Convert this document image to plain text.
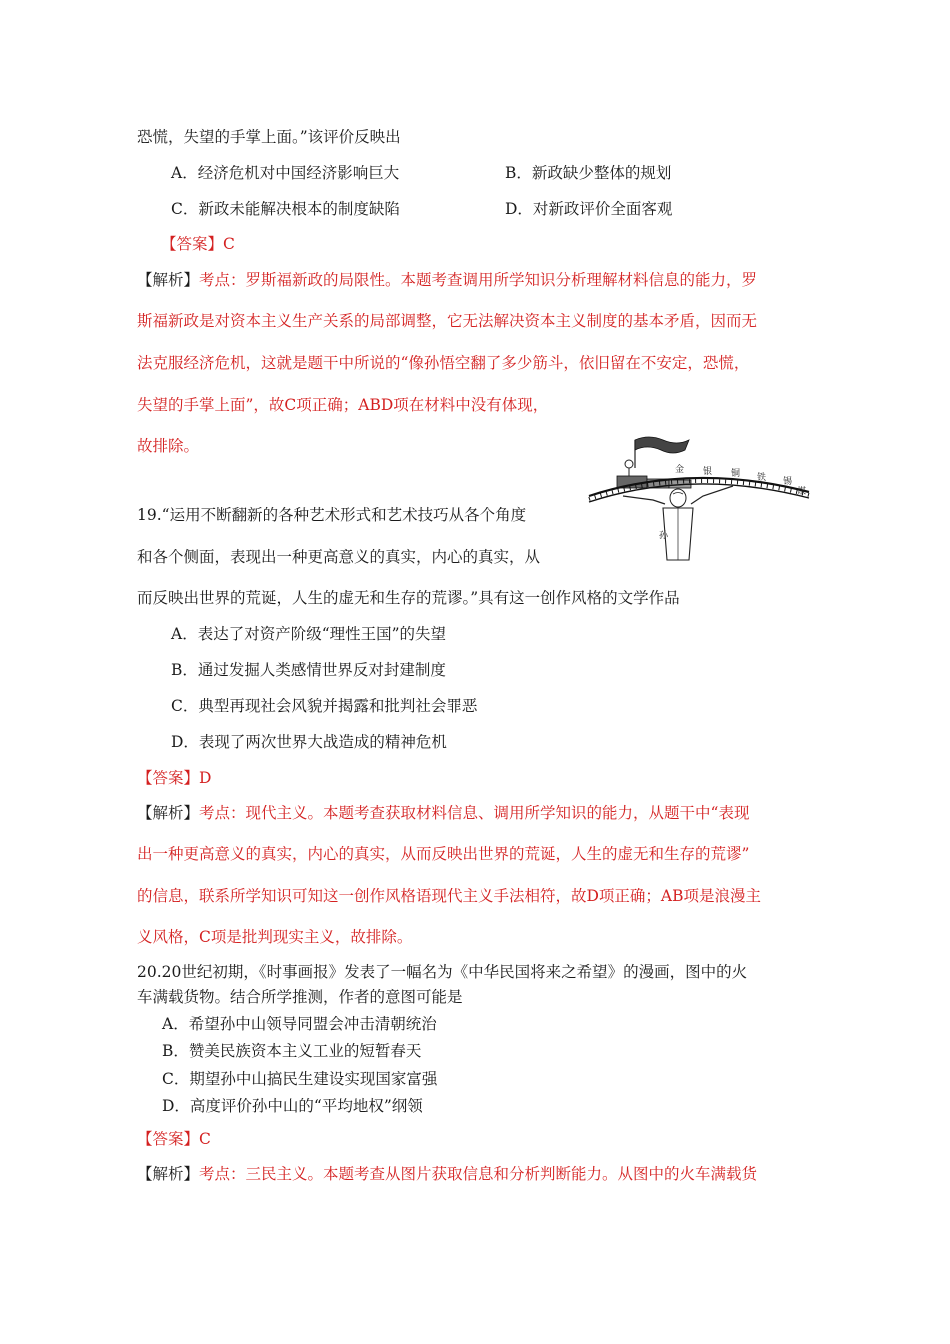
恐慌，失望的手掌上面。”该评价反映出
A．经济危机对中国经济影响巨大	B．新政缺少整体的规划
C．新政未能解决根本的制度缺陷	D．对新政评价全面客观
【答案】C
【解析】考点：罗斯福新政的局限性。本题考查调用所学知识分析理解材料信息的能力，罗
斯福新政是对资本主义生产关系的局部调整，它无法解决资本主义制度的基本矛盾，因而无
法克服经济危机，这就是题干中所说的“像孙悟空翻了多少筋斗，依旧留在不安定，恐慌，
失望的手掌上面”，故C项正确；ABD项在材料中没有体现，
故排除。
金 银 铜 铁 锡
煤
孙
19.“运用不断翻新的各种艺术形式和艺术技巧从各个角度
和各个侧面，表现出一种更高意义的真实，内心的真实，从
而反映出世界的荒诞，人生的虚无和生存的荒谬。”具有这一创作风格的文学作品
A．表达了对资产阶级“理性王国”的失望
B．通过发掘人类感情世界反对封建制度
C．典型再现社会风貌并揭露和批判社会罪恶
D．表现了两次世界大战造成的精神危机
【答案】D
【解析】考点：现代主义。本题考查获取材料信息、调用所学知识的能力，从题干中“表现
出一种更高意义的真实，内心的真实，从而反映出世界的荒诞，人生的虚无和生存的荒谬”
的信息，联系所学知识可知这一创作风格语现代主义手法相符，故D项正确；AB项是浪漫主
义风格，C项是批判现实主义，故排除。
20.20世纪初期，《时事画报》发表了一幅名为《中华民国将来之希望》的漫画，图中的火
车满载货物。结合所学推测，作者的意图可能是
A．希望孙中山领导同盟会冲击清朝统治
B．赞美民族资本主义工业的短暂春天
C．期望孙中山搞民生建设实现国家富强
D．高度评价孙中山的“平均地权”纲领
【答案】C
【解析】考点：三民主义。本题考查从图片获取信息和分析判断能力。从图中的火车满载货
